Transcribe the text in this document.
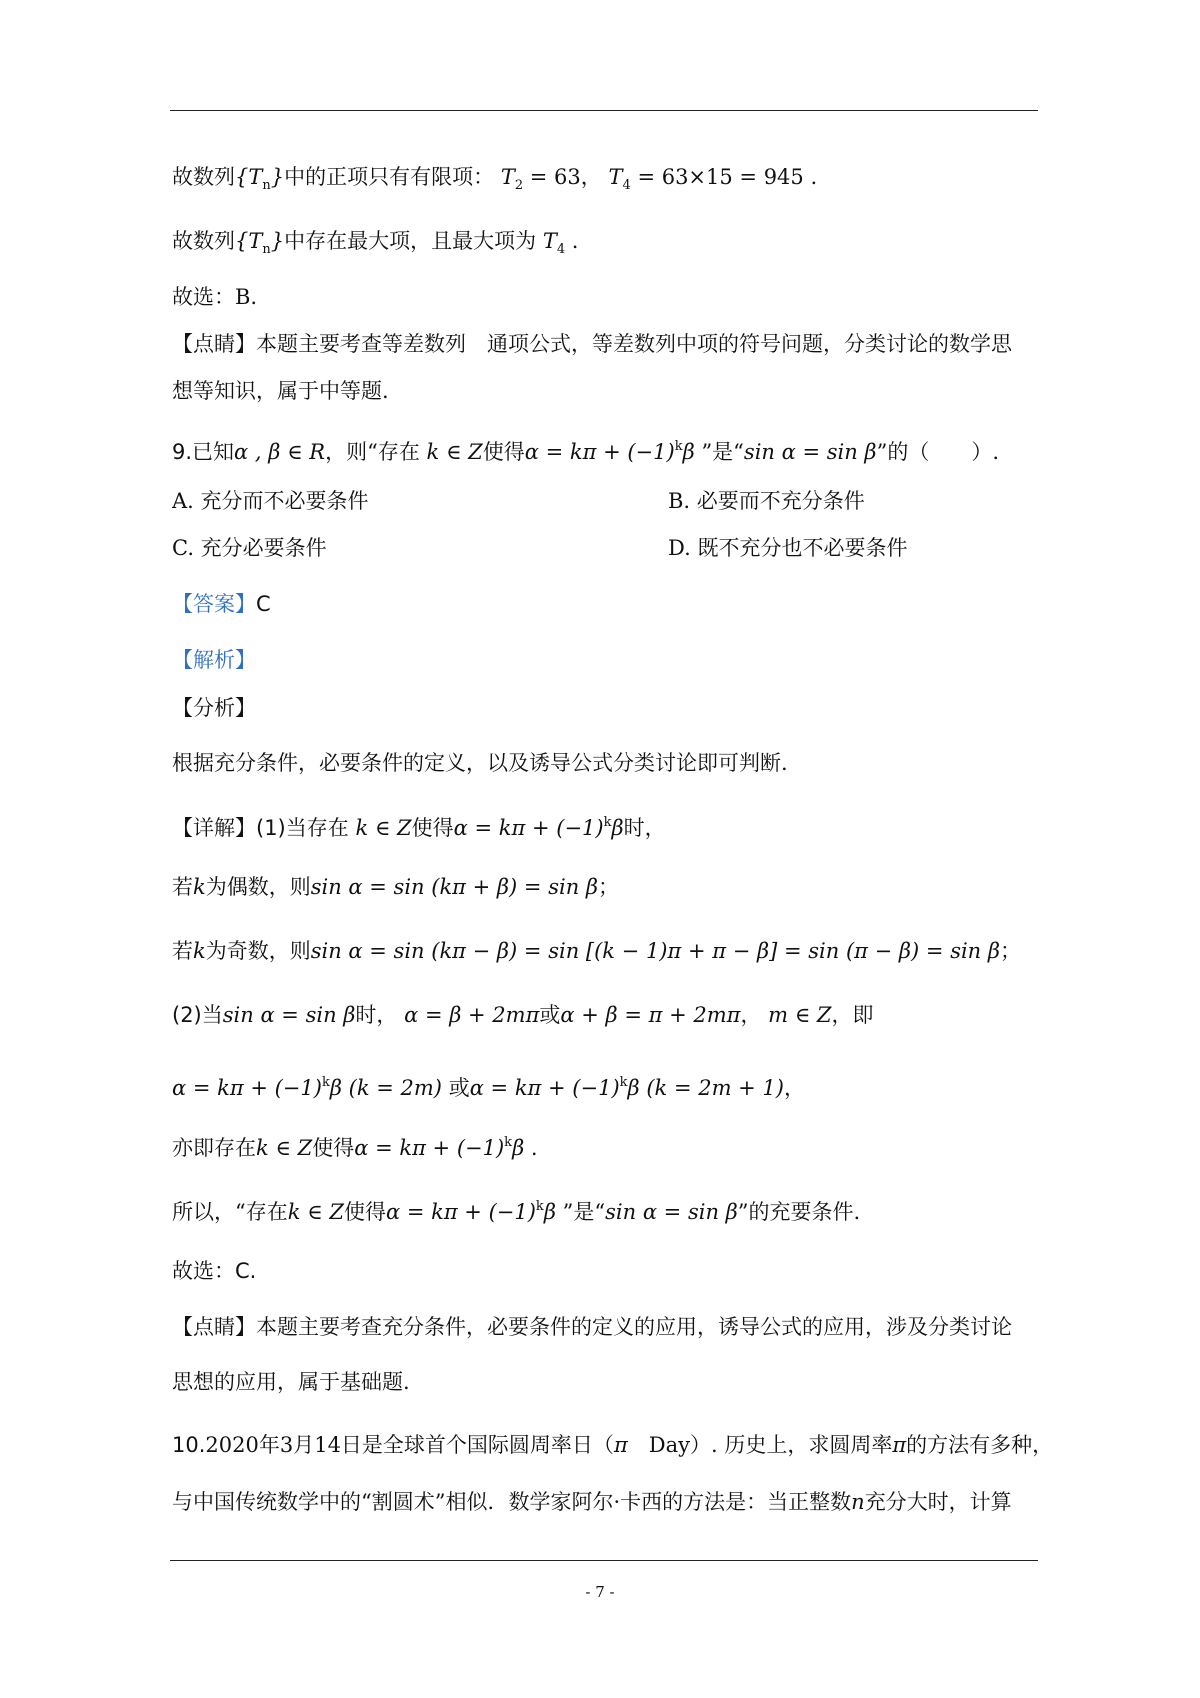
故数列$\{T_n\}$中的正项只有有限项： $T_2 = 63$， $T_4 = 63\times 15 = 945$ .
故数列$\{T_n\}$中存在最大项，且最大项为 $T_4$ .
故选：B.
【点睛】本题主要考查等差数列　通项公式，等差数列中项的符号问题，分类讨论的数学思
想等知识，属于中等题.
9.已知α , β ∈ R，则“存在 k ∈ Z使得$\alpha = k\pi + (-1)^k\beta$ ”是“sin α = sin β”的（　　）.
A. 充分而不必要条件	B. 必要而不充分条件
C. 充分必要条件	D. 既不充分也不必要条件
【答案】C
【解析】
【分析】
根据充分条件，必要条件的定义，以及诱导公式分类讨论即可判断.
【详解】(1)当存在 k ∈ Z使得$\alpha = k\pi + (-1)^k\beta$时，
若k为偶数，则sin α = sin (kπ + β) = sin β；
若k为奇数，则sin α = sin (kπ − β) = sin [(k − 1)π + π − β] = sin (π − β) = sin β；
(2)当sin α = sin β时， α = β + 2mπ或α + β = π + 2mπ， m ∈ Z，即
$\alpha = k\pi + (-1)^k\beta$ (k = 2m) 或$\alpha = k\pi + (-1)^k\beta$ (k = 2m + 1)，
亦即存在k ∈ Z使得$\alpha = k\pi + (-1)^k\beta$ .
所以，“存在k ∈ Z使得$\alpha = k\pi + (-1)^k\beta$ ”是“sin α = sin β”的充要条件.
故选：C.
【点睛】本题主要考查充分条件，必要条件的定义的应用，诱导公式的应用，涉及分类讨论
思想的应用，属于基础题.
10.2020年3月14日是全球首个国际圆周率日（π　Day）. 历史上，求圆周率π的方法有多种，
与中国传统数学中的“割圆术”相似．数学家阿尔·卡西的方法是：当正整数n充分大时，计算
- 7 -
